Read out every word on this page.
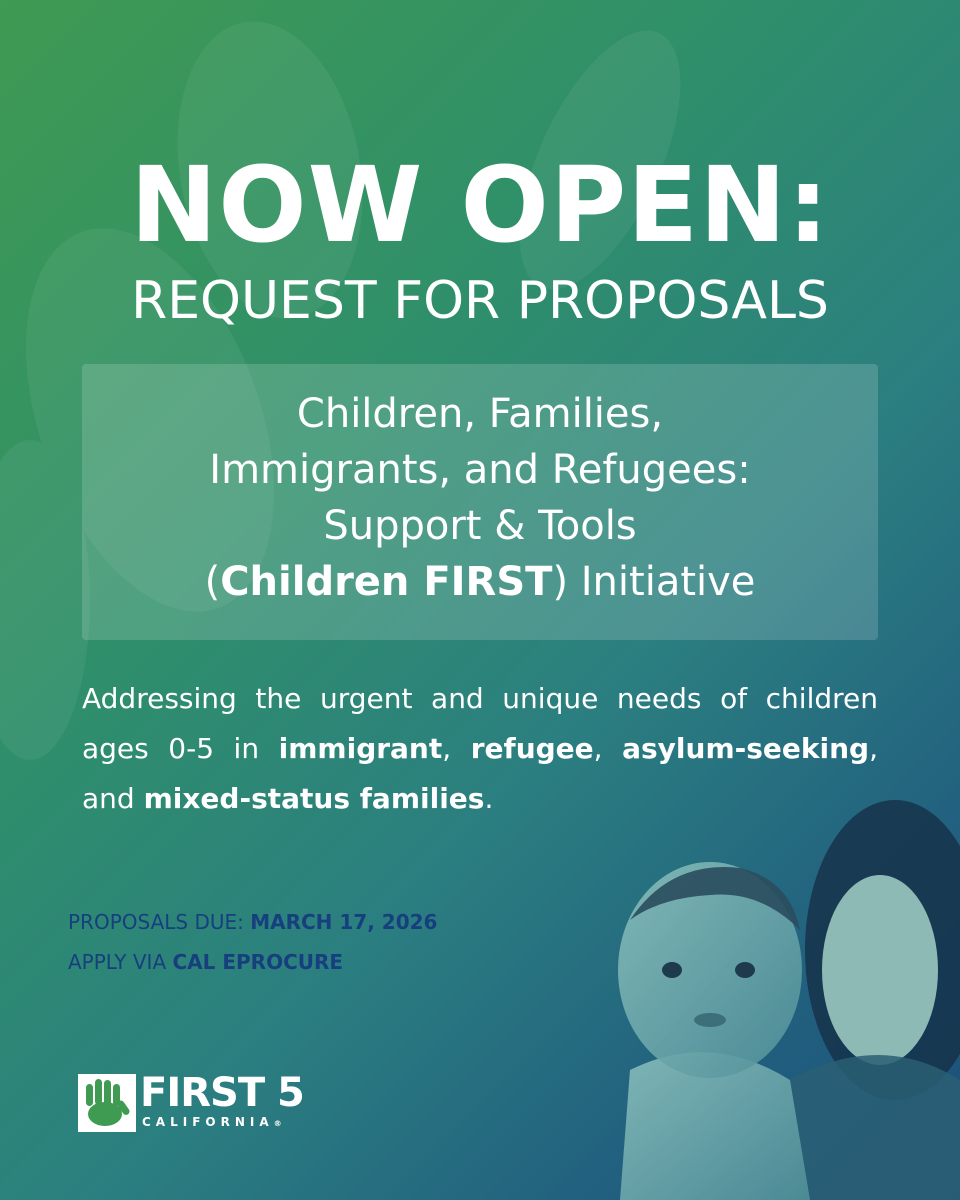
NOW OPEN:
REQUEST FOR PROPOSALS
Children, Families,
Immigrants, and Refugees:
Support & Tools
(Children FIRST) Initiative

Addressing the urgent and unique needs of children ages 0-5 in immigrant, refugee, asylum-seeking, and mixed-status families.

PROPOSALS DUE: MARCH 17, 2026
APPLY VIA CAL EPROCURE
FIRST 5
CALIFORNIA®
